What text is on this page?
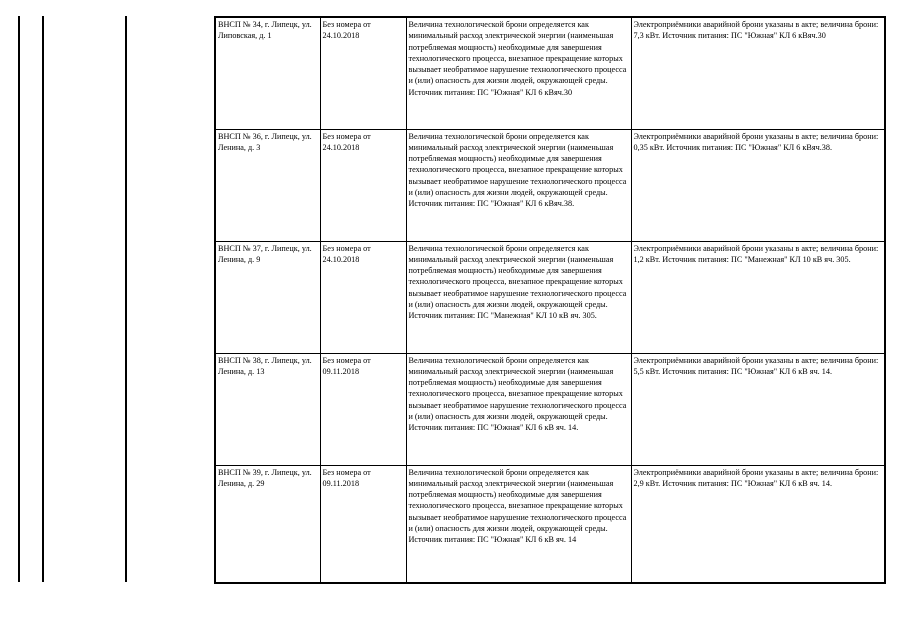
ВНСП № 34, г. Липецк, ул. Липовская, д. 1	Без номера от 24.10.2018	Величина технологической брони определяется как минимальный расход электрической энергии (наименьшая потребляемая мощность) необходимые для завершения технологического процесса, внезапное прекращение которых вызывает необратимое нарушение технологического процесса и (или) опасность для жизни людей, окружающей среды. Источник питания: ПС "Южная" КЛ 6 кВяч.30	Электроприёмники аварийной брони указаны в акте; величина брони: 7,3 кВт. Источник питания: ПС "Южная" КЛ 6 кВяч.30
ВНСП № 36, г. Липецк, ул. Ленина, д. 3	Без номера от 24.10.2018	Величина технологической брони определяется как минимальный расход электрической энергии (наименьшая потребляемая мощность) необходимые для завершения технологического процесса, внезапное прекращение которых вызывает необратимое нарушение технологического процесса и (или) опасность для жизни людей, окружающей среды. Источник питания: ПС "Южная" КЛ 6 кВяч.38.	Электроприёмники аварийной брони указаны в акте; величина брони: 0,35 кВт. Источник питания: ПС "Южная" КЛ 6 кВяч.38.
ВНСП № 37, г. Липецк, ул. Ленина, д. 9	Без номера от 24.10.2018	Величина технологической брони определяется как минимальный расход электрической энергии (наименьшая потребляемая мощность) необходимые для завершения технологического процесса, внезапное прекращение которых вызывает необратимое нарушение технологического процесса и (или) опасность для жизни людей, окружающей среды. Источник питания: ПС "Манежная" КЛ 10 кВ яч. 305.	Электроприёмники аварийной брони указаны в акте; величина брони: 1,2 кВт. Источник питания: ПС "Манежная" КЛ 10 кВ яч. 305.
ВНСП № 38, г. Липецк, ул. Ленина, д. 13	Без номера от 09.11.2018	Величина технологической брони определяется как минимальный расход электрической энергии (наименьшая потребляемая мощность) необходимые для завершения технологического процесса, внезапное прекращение которых вызывает необратимое нарушение технологического процесса и (или) опасность для жизни людей, окружающей среды. Источник питания: ПС "Южная" КЛ 6 кВ яч. 14.	Электроприёмники аварийной брони указаны в акте; величина брони: 5,5 кВт. Источник питания: ПС "Южная" КЛ 6 кВ яч. 14.
ВНСП № 39, г. Липецк, ул. Ленина, д. 29	Без номера от 09.11.2018	Величина технологической брони определяется как минимальный расход электрической энергии (наименьшая потребляемая мощность) необходимые для завершения технологического процесса, внезапное прекращение которых вызывает необратимое нарушение технологического процесса и (или) опасность для жизни людей, окружающей среды. Источник питания: ПС "Южная" КЛ 6 кВ яч. 14	Электроприёмники аварийной брони указаны в акте; величина брони: 2,9 кВт. Источник питания: ПС "Южная" КЛ 6 кВ яч. 14.
